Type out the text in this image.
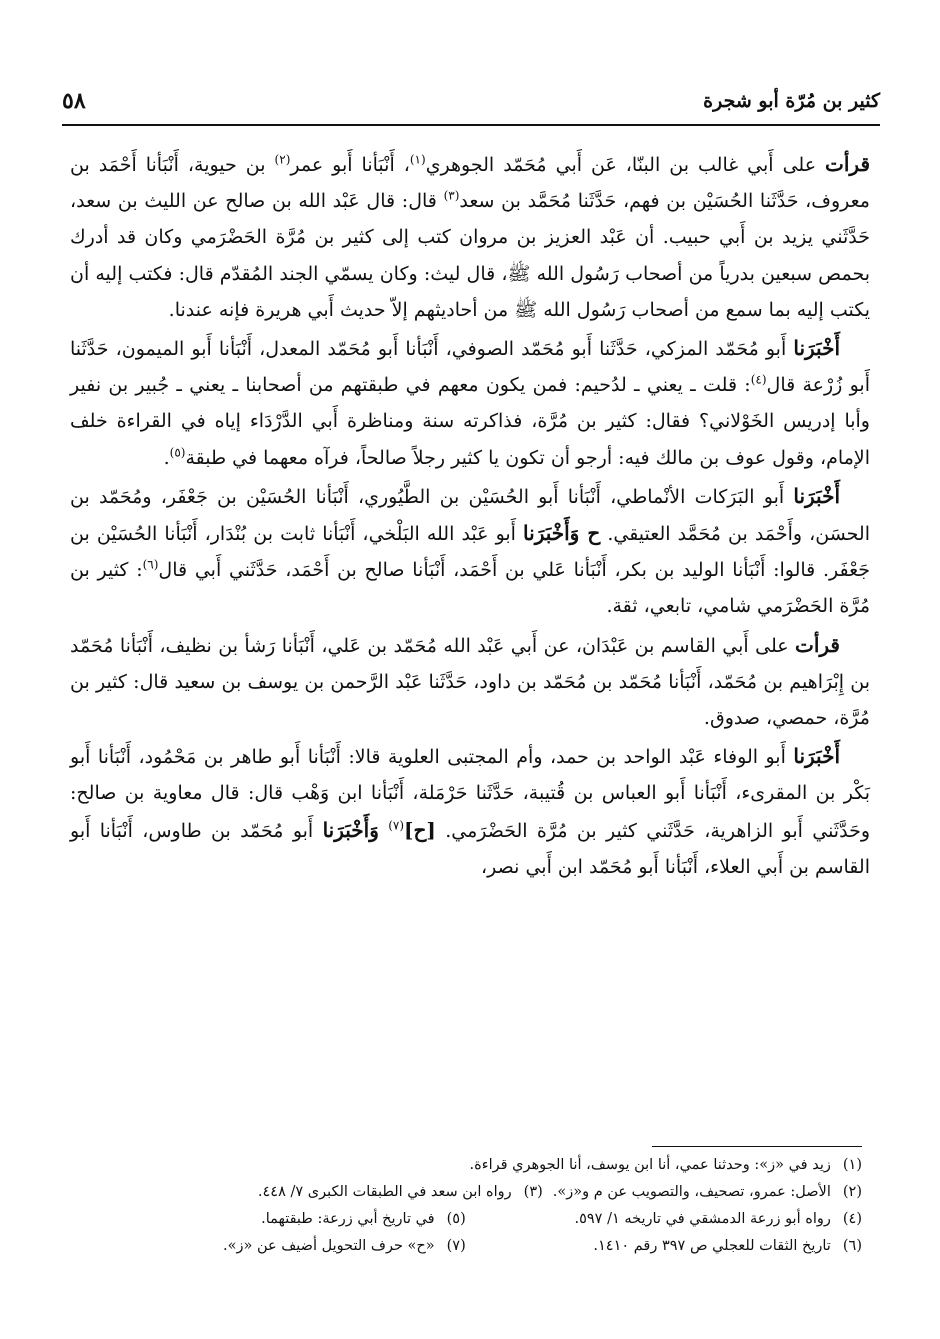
كثير بن مُرّة أبو شجرة
٥٨

قرأت على أَبي غالب بن البنّا، عَن أَبي مُحَمّد الجوهري$^{(١)}$، أَنْبَأنا أَبو عمر$^{(٢)}$ بن حيوية، أَنْبَأنا أَحْمَد بن معروف، حَدَّثَنا الحُسَيْن بن فهم، حَدَّثَنا مُحَمَّد بن سعد$^{(٣)}$ قال: قال عَبْد الله بن صالح عن الليث بن سعد، حَدَّثَني يزيد بن أَبي حبيب. أن عَبْد العزيز بن مروان كتب إلى كثير بن مُرَّة الحَضْرَمي وكان قد أدرك بحمص سبعين بدرياً من أصحاب رَسُول الله ﷺ، قال ليث: وكان يسمّي الجند المُقدّم قال: فكتب إليه أن يكتب إليه بما سمع من أصحاب رَسُول الله ﷺ من أحاديثهم إلاّ حديث أَبي هريرة فإنه عندنا.

أَخْبَرَنا أَبو مُحَمّد المزكي، حَدَّثَنا أَبو مُحَمّد الصوفي، أَنْبَأنا أَبو مُحَمّد المعدل، أَنْبَأنا أَبو الميمون، حَدَّثَنا أَبو زُرْعة قال$^{(٤)}$: قلت ـ يعني ـ لدُحيم: فمن يكون معهم في طبقتهم من أصحابنا ـ يعني ـ جُبير بن نفير وأبا إدريس الخَوْلاني؟ فقال: كثير بن مُرَّة، فذاكرته سنة ومناظرة أَبي الدَّرْدَاء إياه في القراءة خلف الإمام، وقول عوف بن مالك فيه: أرجو أن تكون يا كثير رجلاً صالحاً، فرآه معهما في طبقة$^{(٥)}$.

أَخْبَرَنا أَبو البَرَكات الأنْماطي، أَنْبَأنا أَبو الحُسَيْن بن الطَّيُوري، أَنْبَأنا الحُسَيْن بن جَعْفَر، ومُحَمّد بن الحسَن، وأَحْمَد بن مُحَمَّد العتيقي. ح وَأَخْبَرَنا أَبو عَبْد الله البَلْخي، أَنْبَأنا ثابت بن بُنْدَار، أَنْبَأنا الحُسَيْن بن جَعْفَر. قالوا: أَنْبَأنا الوليد بن بكر، أَنْبَأنا عَلي بن أَحْمَد، أَنْبَأنا صالح بن أَحْمَد، حَدَّثَني أَبي قال$^{(٦)}$: كثير بن مُرَّة الحَضْرَمي شامي، تابعي، ثقة.

قرأت على أَبي القاسم بن عَبْدَان، عن أَبي عَبْد الله مُحَمّد بن عَلي، أَنْبَأنا رَشأ بن نظيف، أَنْبَأنا مُحَمّد بن إِبْرَاهيم بن مُحَمّد، أَنْبَأنا مُحَمّد بن مُحَمّد بن داود، حَدَّثَنا عَبْد الرَّحمن بن يوسف بن سعيد قال: كثير بن مُرَّة، حمصي، صدوق.

أَخْبَرَنا أَبو الوفاء عَبْد الواحد بن حمد، وأم المجتبى العلوية قالا: أَنْبَأنا أَبو طاهر بن مَحْمُود، أَنْبَأنا أَبو بَكْر بن المقرىء، أَنْبَأنا أَبو العباس بن قُتيبة، حَدَّثَنا حَرْمَلة، أَنْبَأنا ابن وَهْب قال: قال معاوية بن صالح: وحَدَّثَني أَبو الزاهرية، حَدَّثَني كثير بن مُرَّة الحَضْرَمي. [ح]$^{(٧)}$ وَأَخْبَرَنا أَبو مُحَمّد بن طاوس، أَنْبَأنا أَبو القاسم بن أَبي العلاء، أَنْبَأنا أَبو مُحَمّد ابن أَبي نصر،

(١)
زيد في «ز»: وحدثنا عمي، أنا ابن يوسف، أنا الجوهري قراءة.
(٢)
الأصل: عمرو، تصحيف، والتصويب عن م و«ز».
(٣)
رواه ابن سعد في الطبقات الكبرى ٧/ ٤٤٨.
(٤)
رواه أبو زرعة الدمشقي في تاريخه ١/ ٥٩٧.
(٥)
في تاريخ أبي زرعة: طبقتهما.
(٦)
تاريخ الثقات للعجلي ص ٣٩٧ رقم ١٤١٠.
(٧)
«ح» حرف التحويل أضيف عن «ز».
